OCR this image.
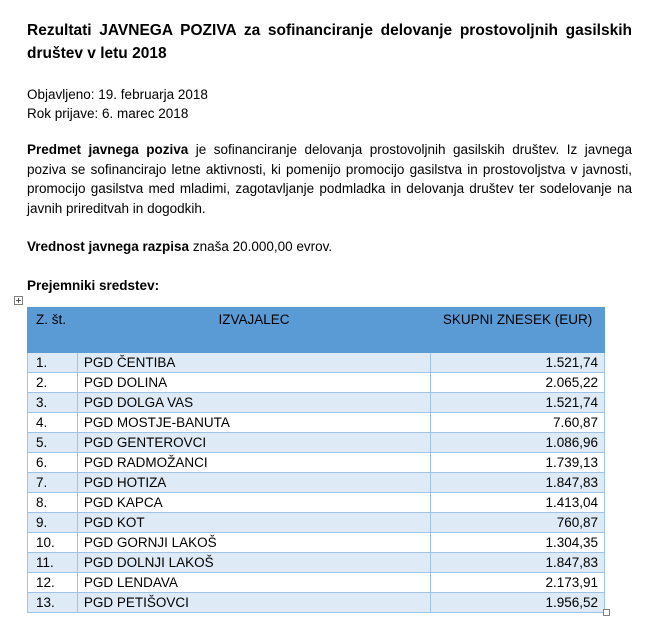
Rezultati JAVNEGA POZIVA za sofinanciranje delovanje prostovoljnih gasilskih društev v letu 2018
Objavljeno: 19. februarja 2018
Rok prijave: 6. marec 2018
Predmet javnega poziva je sofinanciranje delovanja prostovoljnih gasilskih društev. Iz javnega poziva se sofinancirajo letne aktivnosti, ki pomenijo promocijo gasilstva in prostovoljstva v javnosti, promocijo gasilstva med mladimi, zagotavljanje podmladka in delovanja društev ter sodelovanje na javnih prireditvah in dogodkih.
Vrednost javnega razpisa znaša 20.000,00 evrov.
Prejemniki sredstev:
Z. št.	IZVAJALEC	SKUPNI ZNESEK (EUR)
1.	PGD ČENTIBA	1.521,74
2.	PGD DOLINA	2.065,22
3.	PGD DOLGA VAS	1.521,74
4.	PGD MOSTJE-BANUTA	7.60,87
5.	PGD GENTEROVCI	1.086,96
6.	PGD RADMOŽANCI	1.739,13
7.	PGD HOTIZA	1.847,83
8.	PGD KAPCA	1.413,04
9.	PGD KOT	760,87
10.	PGD GORNJI LAKOŠ	1.304,35
11.	PGD DOLNJI LAKOŠ	1.847,83
12.	PGD LENDAVA	2.173,91
13.	PGD PETIŠOVCI	1.956,52
